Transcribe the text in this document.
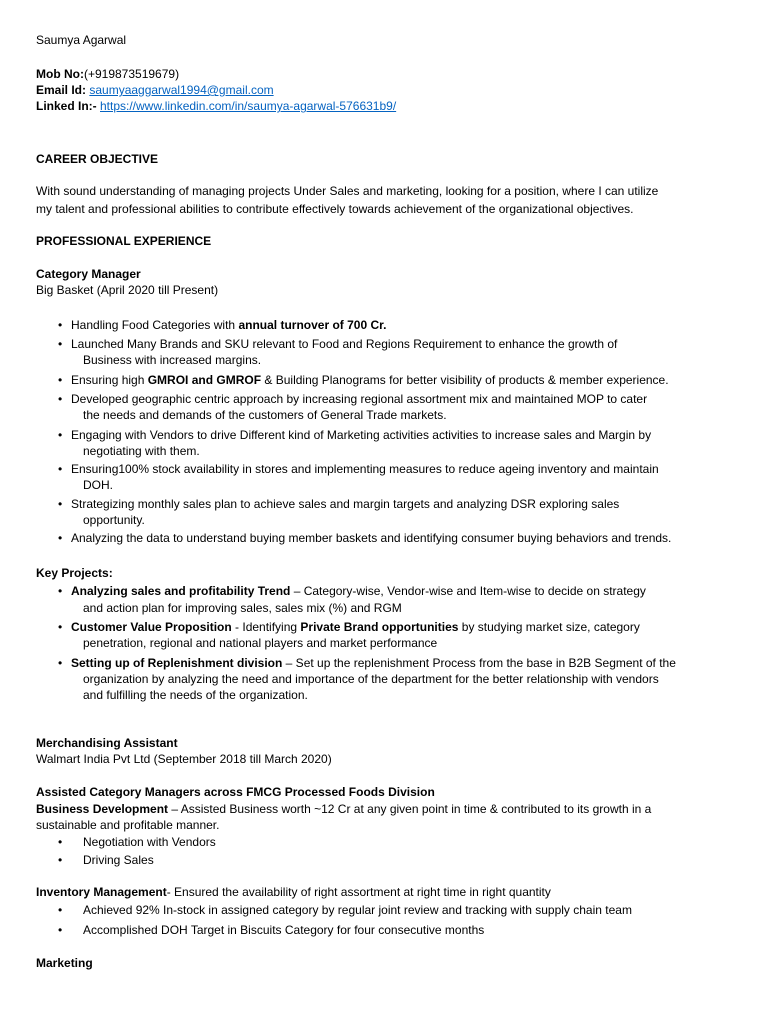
Saumya Agarwal
Mob No:(+919873519679)
Email Id: saumyaaggarwal1994@gmail.com
Linked In:- https://www.linkedin.com/in/saumya-agarwal-576631b9/
CAREER OBJECTIVE
With sound understanding of managing projects Under Sales and marketing, looking for a position, where I can utilize
my talent and professional abilities to contribute effectively towards achievement of the organizational objectives.
PROFESSIONAL EXPERIENCE
Category Manager
Big Basket (April 2020 till Present)
• Handling Food Categories with annual turnover of 700 Cr.
• Launched Many Brands and SKU relevant to Food and Regions Requirement to enhance the growth of
Business with increased margins.
• Ensuring high GMROI and GMROF & Building Planograms for better visibility of products & member experience.
• Developed geographic centric approach by increasing regional assortment mix and maintained MOP to cater
the needs and demands of the customers of General Trade markets.
• Engaging with Vendors to drive Different kind of Marketing activities activities to increase sales and Margin by
negotiating with them.
• Ensuring100% stock availability in stores and implementing measures to reduce ageing inventory and maintain
DOH.
• Strategizing monthly sales plan to achieve sales and margin targets and analyzing DSR exploring sales
opportunity.
• Analyzing the data to understand buying member baskets and identifying consumer buying behaviors and trends.
Key Projects:
• Analyzing sales and profitability Trend – Category-wise, Vendor-wise and Item-wise to decide on strategy
and action plan for improving sales, sales mix (%) and RGM
• Customer Value Proposition - Identifying Private Brand opportunities by studying market size, category
penetration, regional and national players and market performance
• Setting up of Replenishment division – Set up the replenishment Process from the base in B2B Segment of the
organization by analyzing the need and importance of the department for the better relationship with vendors
and fulfilling the needs of the organization.
Merchandising Assistant
Walmart India Pvt Ltd (September 2018 till March 2020)
Assisted Category Managers across FMCG Processed Foods Division
Business Development – Assisted Business worth ~12 Cr at any given point in time & contributed to its growth in a
sustainable and profitable manner.
• Negotiation with Vendors
• Driving Sales
Inventory Management- Ensured the availability of right assortment at right time in right quantity
• Achieved 92% In-stock in assigned category by regular joint review and tracking with supply chain team
• Accomplished DOH Target in Biscuits Category for four consecutive months
Marketing
